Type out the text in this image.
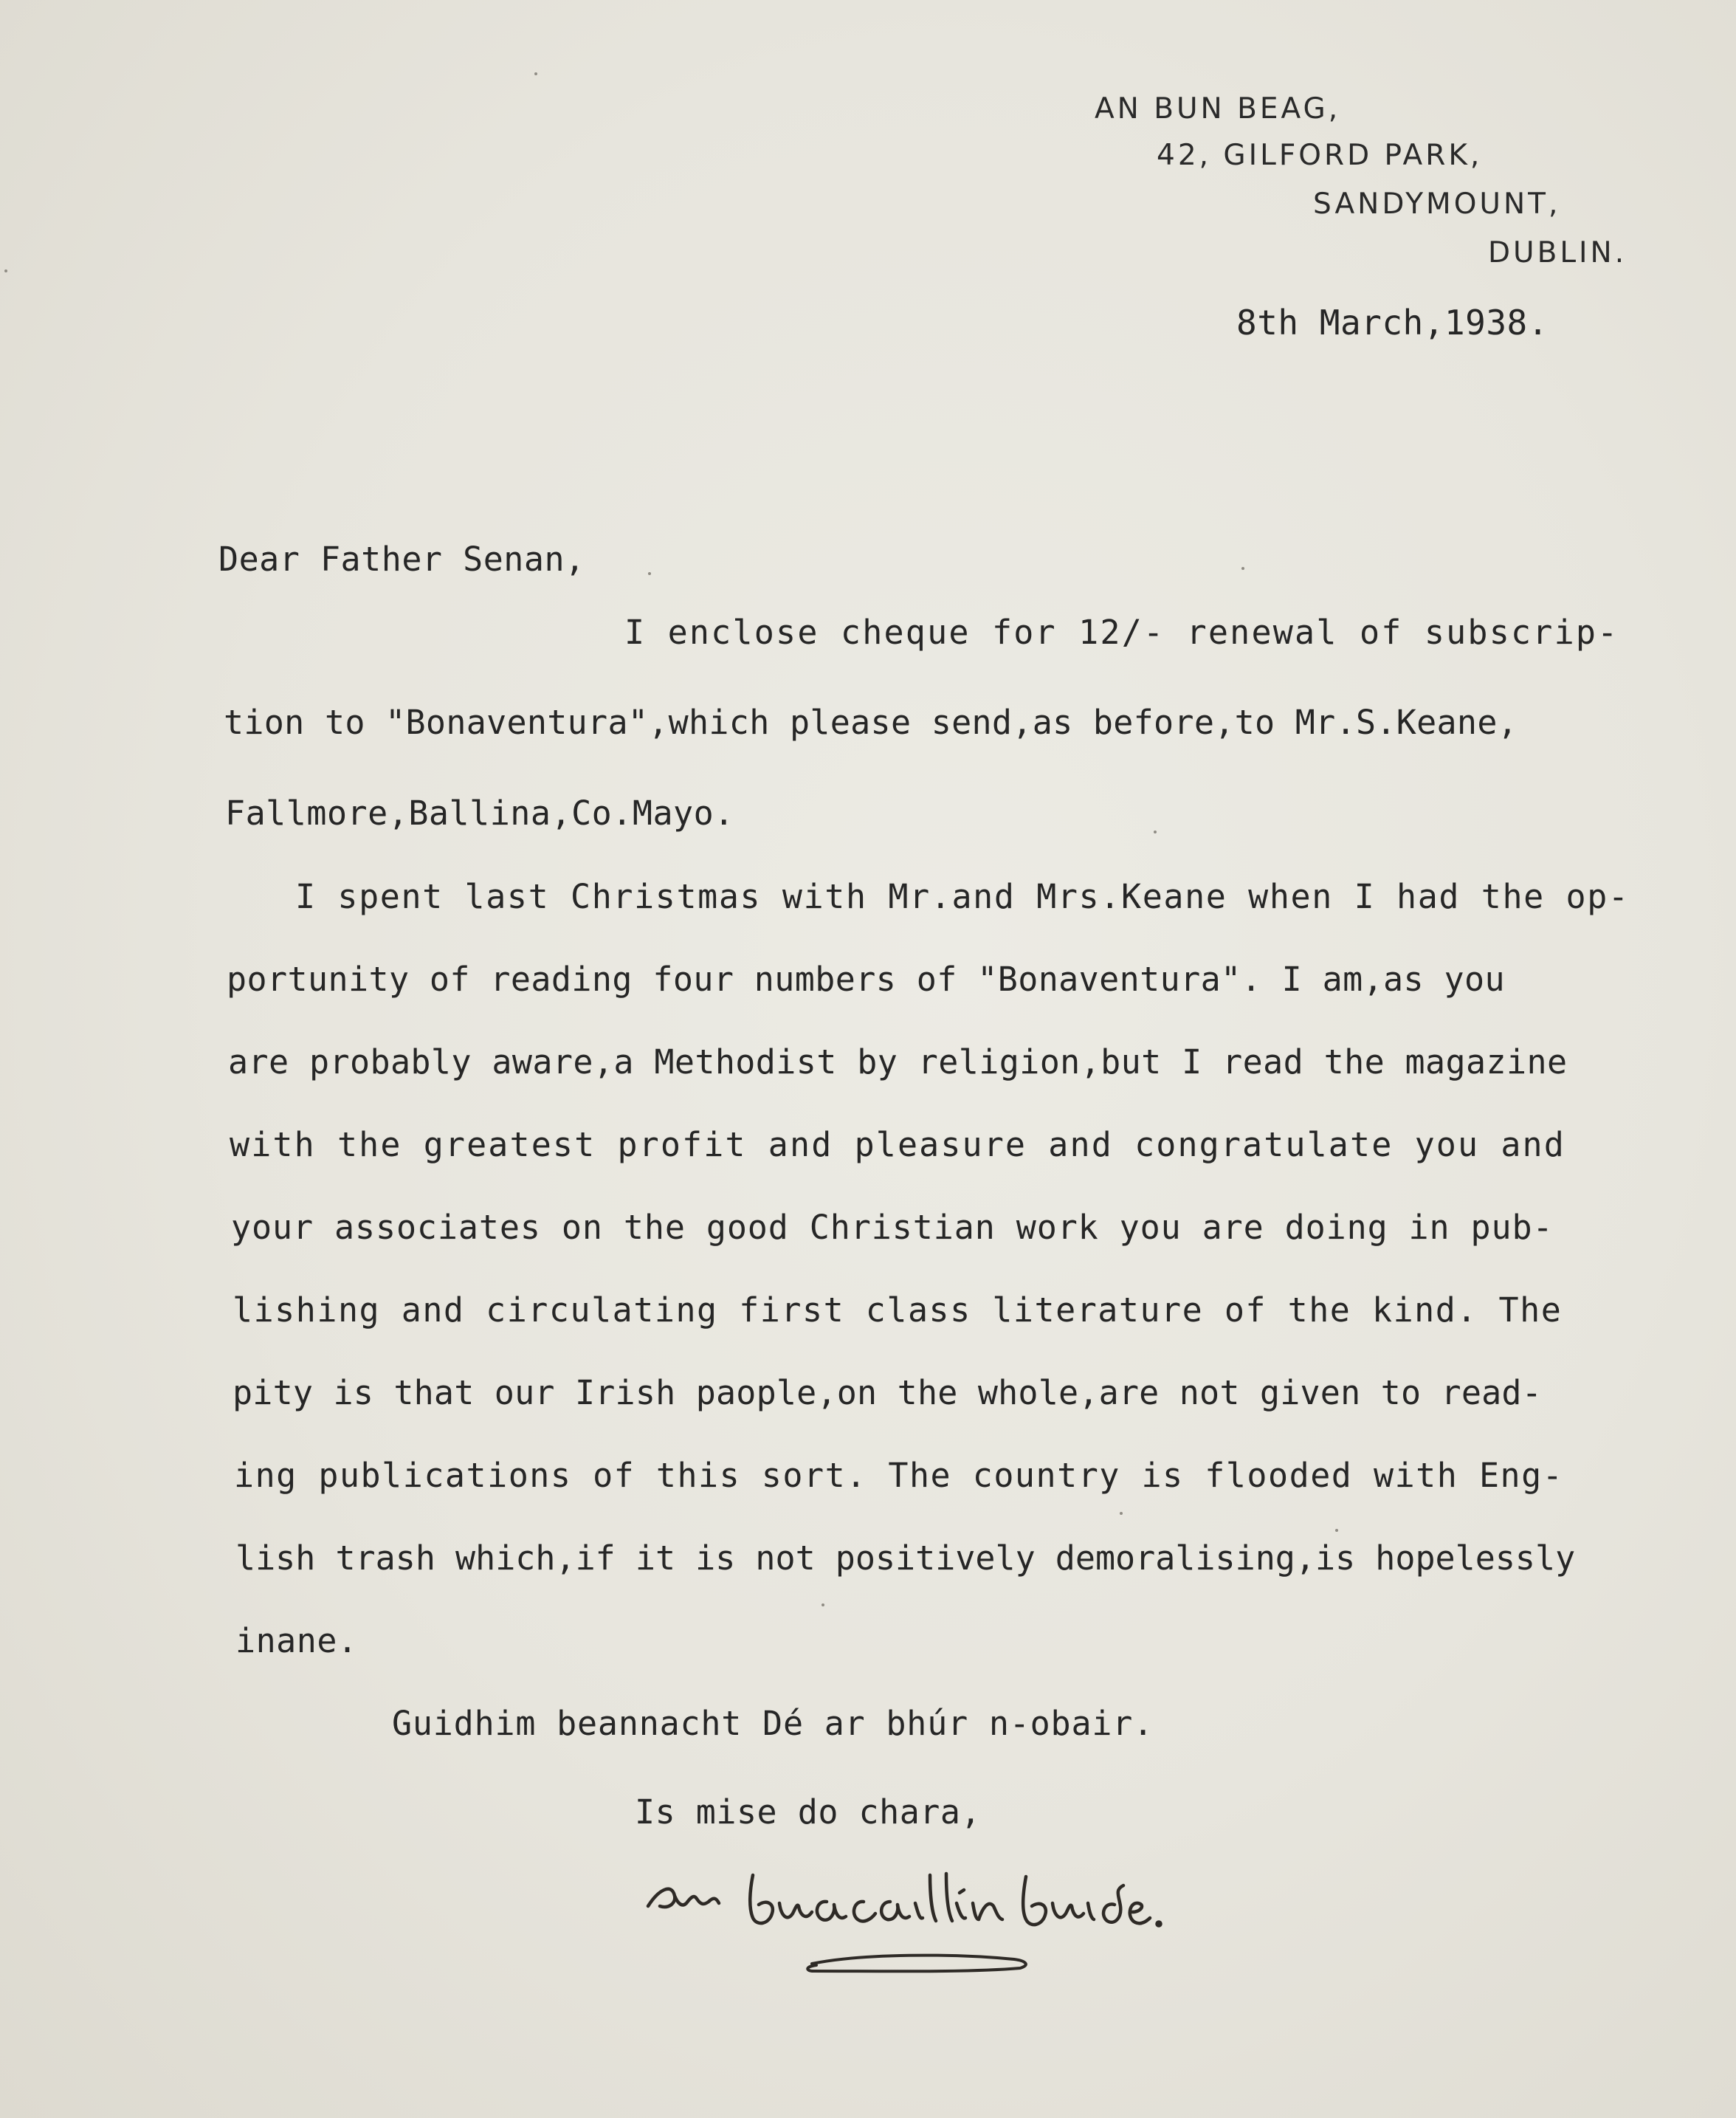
AN BUN BEAG,
42, GILFORD PARK,
SANDYMOUNT,
DUBLIN.
8th March,1938.
Dear Father Senan,
I enclose cheque for 12/- renewal of subscrip-
tion to "Bonaventura",which please send,as before,to Mr.S.Keane,
Fallmore,Ballina,Co.Mayo.
I spent last Christmas with Mr.and Mrs.Keane when I had the op-
portunity of reading four numbers of "Bonaventura". I am,as you
are probably aware,a Methodist by religion,but I read the magazine
with the greatest profit and pleasure and congratulate you and
your associates on the good Christian work you are doing in pub-
lishing and circulating first class literature of the kind. The
pity is that our Irish paople,on the whole,are not given to read-
ing publications of this sort. The country is flooded with Eng-
lish trash which,if it is not positively demoralising,is hopelessly
inane.
Guidhim beannacht Dé ar bhúr n-obair.
Is mise do chara,
